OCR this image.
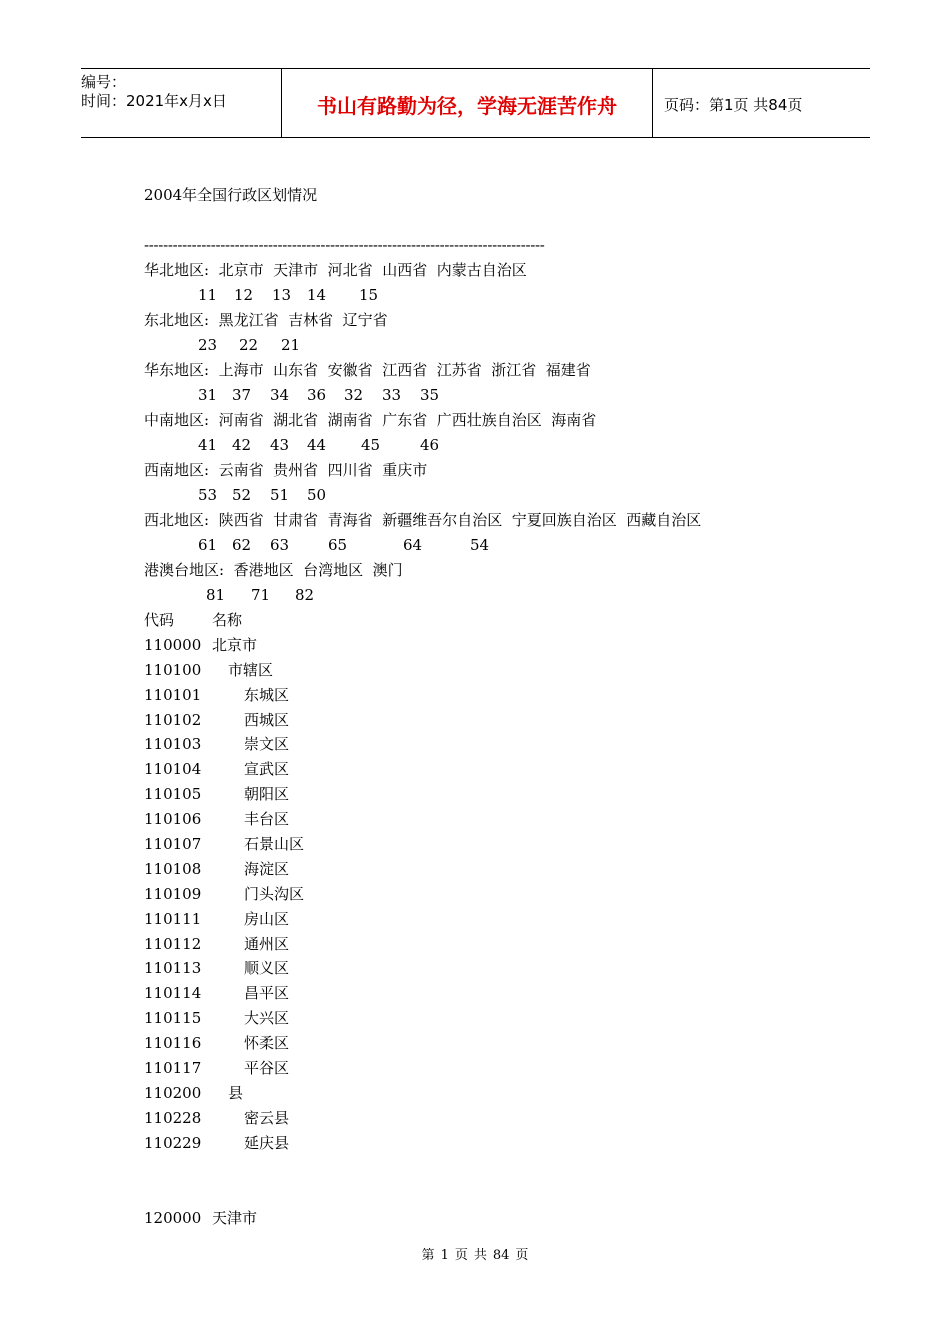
编号：
时间：2021年x月x日	书山有路勤为径，学海无涯苦作舟	页码：第1页 共84页
2004年全国行政区划情况
------------------------------------------------------------------------------------
华北地区:  北京市  天津市  河北省  山西省  内蒙古自治区
11 12 13 14 15
东北地区:  黑龙江省  吉林省  辽宁省
23 22 21
华东地区:  上海市  山东省  安徽省  江西省  江苏省  浙江省  福建省
31 37 34 36 32 33 35
中南地区:  河南省  湖北省  湖南省  广东省  广西壮族自治区  海南省
41 42 43 44 45	46
西南地区:  云南省  贵州省  四川省  重庆市
53 52 51 50
西北地区:  陕西省  甘肃省  青海省  新疆维吾尔自治区  宁夏回族自治区  西藏自治区
61 62 63	65	64	54
港澳台地区:  香港地区  台湾地区  澳门
81 71 82
代码	名称
110000 北京市
110100 市辖区
110101	东城区
110102	西城区
110103	崇文区
110104	宣武区
110105	朝阳区
110106	丰台区
110107	石景山区
110108	海淀区
110109	门头沟区
110111	房山区
110112	通州区
110113	顺义区
110114	昌平区
110115	大兴区
110116	怀柔区
110117	平谷区
110200 县
110228	密云县
110229	延庆县
120000 天津市
第 1 页 共 84 页
